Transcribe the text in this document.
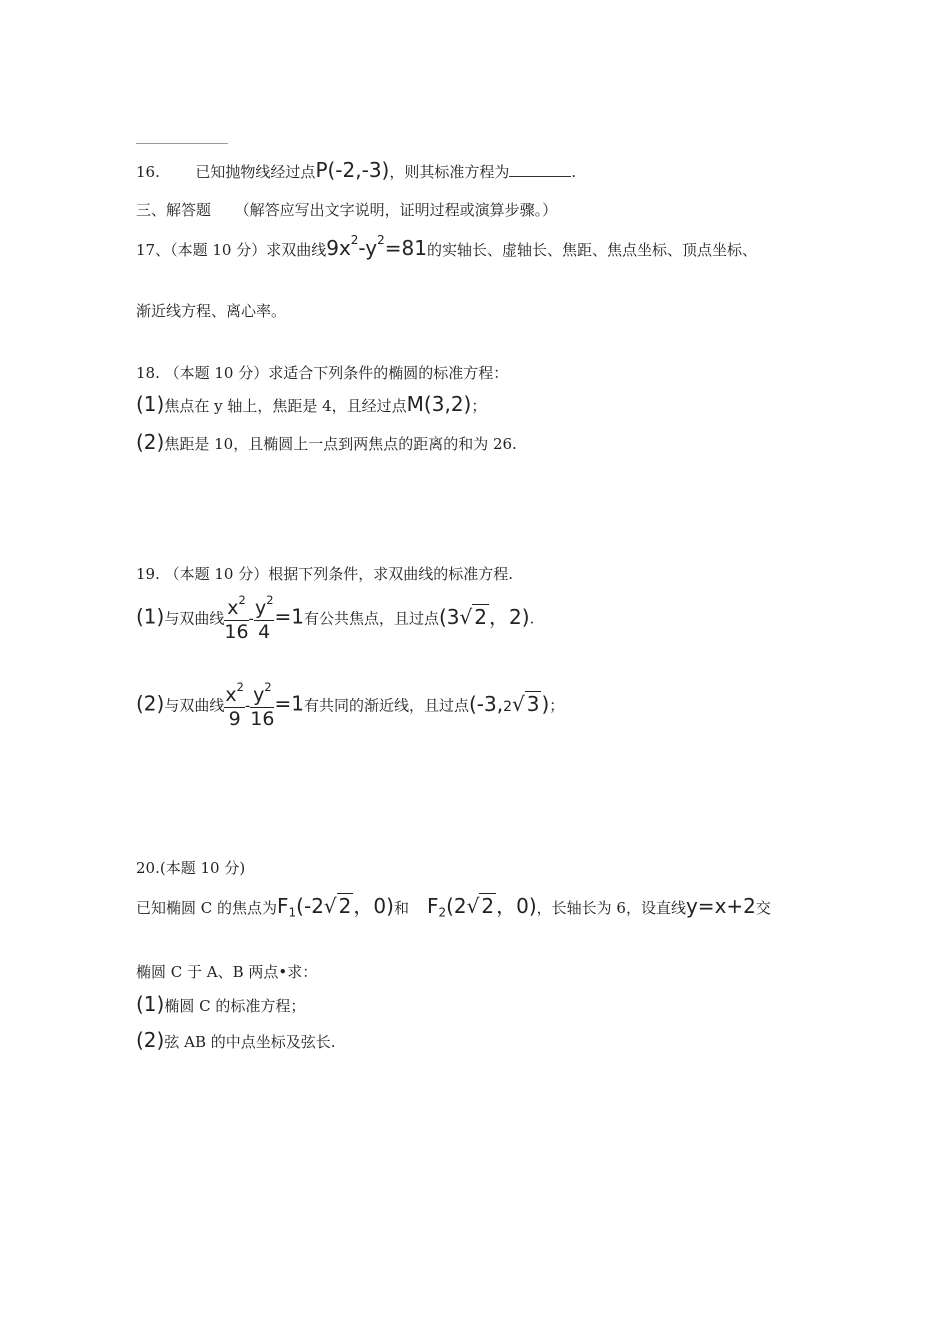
16. 已知抛物线经过点P(-2,-3)，则其标准方程为	.
三、解答题 （解答应写出文字说明，证明过程或演算步骤。）
17、（本题 10 分）求双曲线$9x^2-y^2=81$的实轴长、虚轴长、焦距、焦点坐标、顶点坐标、
渐近线方程、离心率。
18. （本题 10 分）求适合下列条件的椭圆的标准方程：
(1)焦点在 y 轴上，焦距是 4，且经过点M(3,2)；
(2)焦距是 10，且椭圆上一点到两焦点的距离的和为 26.
19. （本题 10 分）根据下列条件，求双曲线的标准方程.
(1)与双曲线 $\frac{x^2}{16} - \frac{y^2}{4} =1$有公共焦点，且过点(3√ 2 ，2).
(2)与双曲线 $\frac{x^2}{9} - \frac{y^2}{16} =1$有共同的渐近线，且过点(-3,2√ 3 )；
20.(本题 10 分)
已知椭圆 C 的焦点为$F_1(-2√$ 2 ，0)和 $F_2(2√$ 2 ，0)，长轴长为 6，设直线y=x+2交
椭圆 C 于 A、B 两点•求：
(1)椭圆 C 的标准方程；
(2)弦 AB 的中点坐标及弦长.
